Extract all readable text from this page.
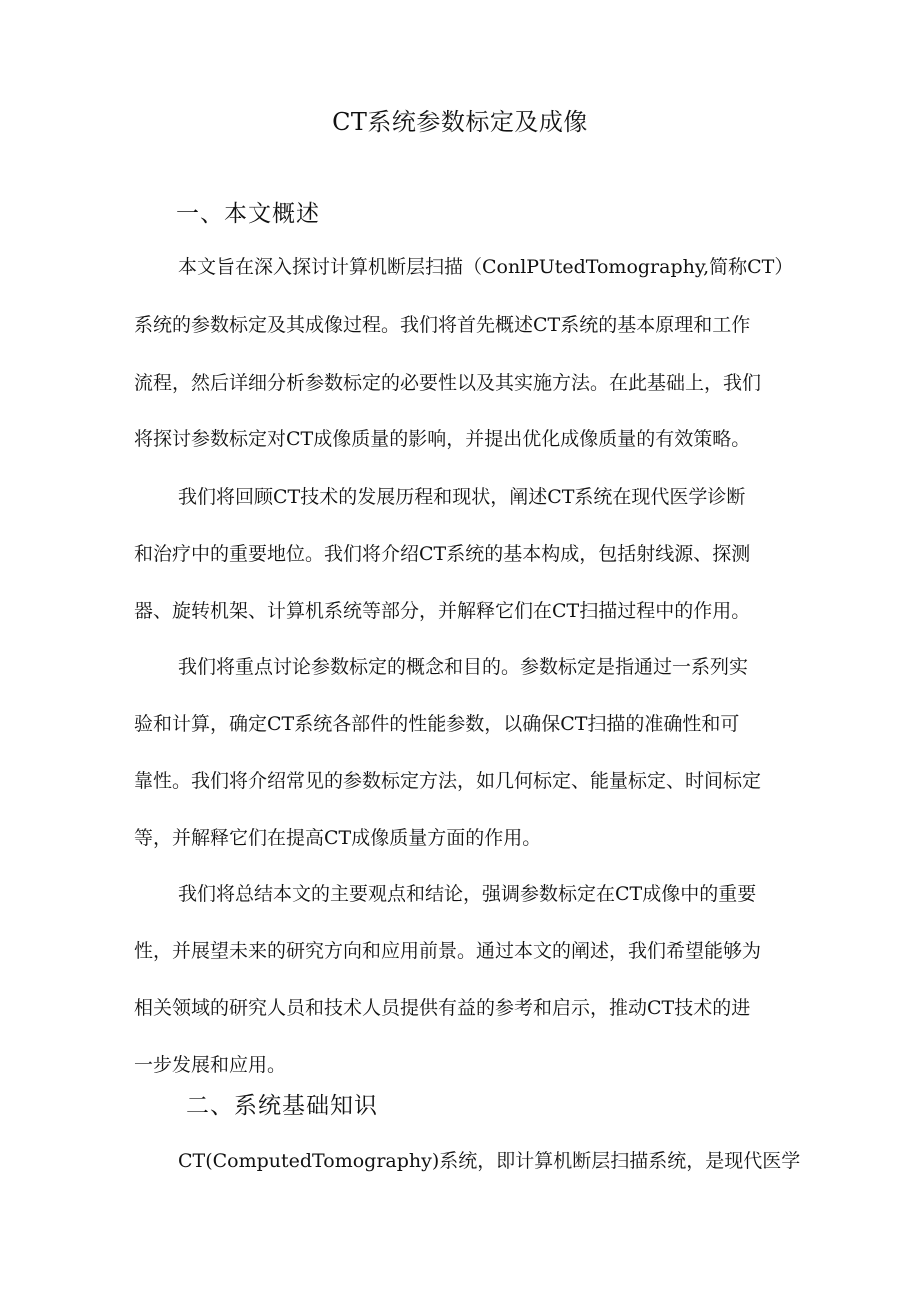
CT系统参数标定及成像
一、本文概述
本文旨在深入探讨计算机断层扫描（ConlPUtedTomography,简称CT）
系统的参数标定及其成像过程。我们将首先概述CT系统的基本原理和工作
流程，然后详细分析参数标定的必要性以及其实施方法。在此基础上，我们
将探讨参数标定对CT成像质量的影响，并提出优化成像质量的有效策略。
我们将回顾CT技术的发展历程和现状，阐述CT系统在现代医学诊断
和治疗中的重要地位。我们将介绍CT系统的基本构成，包括射线源、探测
器、旋转机架、计算机系统等部分，并解释它们在CT扫描过程中的作用。
我们将重点讨论参数标定的概念和目的。参数标定是指通过一系列实
验和计算，确定CT系统各部件的性能参数，以确保CT扫描的准确性和可
靠性。我们将介绍常见的参数标定方法，如几何标定、能量标定、时间标定
等，并解释它们在提高CT成像质量方面的作用。
我们将总结本文的主要观点和结论，强调参数标定在CT成像中的重要
性，并展望未来的研究方向和应用前景。通过本文的阐述，我们希望能够为
相关领域的研究人员和技术人员提供有益的参考和启示，推动CT技术的进
一步发展和应用。
二、系统基础知识
CT(ComputedTomography)系统，即计算机断层扫描系统，是现代医学
